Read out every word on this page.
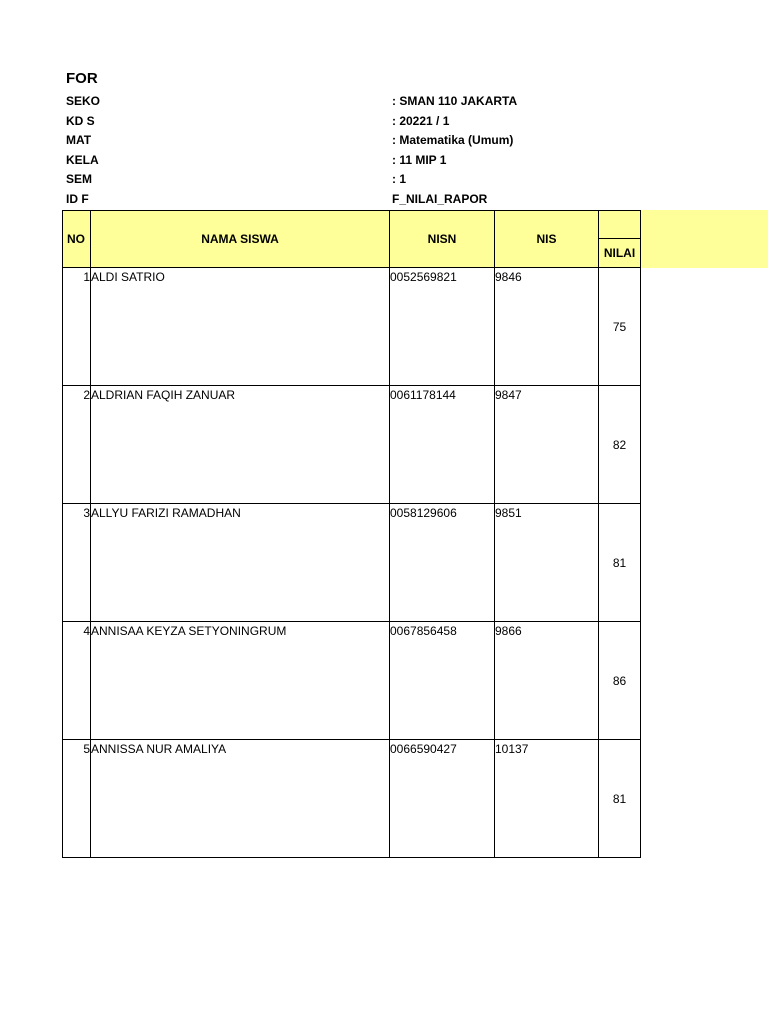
FOR
SEKO	: SMAN 110 JAKARTA
KD S	: 20221 / 1
MAT	: Matematika (Umum)
KELA	: 11 MIP 1
SEM	: 1
ID F	F_NILAI_RAPOR
NO	NAMA SISWA	NISN	NIS	
				NILAI
1	ALDI SATRIO	0052569821	9846	75
2	ALDRIAN FAQIH ZANUAR	0061178144	9847	82
3	ALLYU FARIZI RAMADHAN	0058129606	9851	81
4	ANNISAA KEYZA SETYONINGRUM	0067856458	9866	86
5	ANNISSA NUR AMALIYA	0066590427	10137	81
